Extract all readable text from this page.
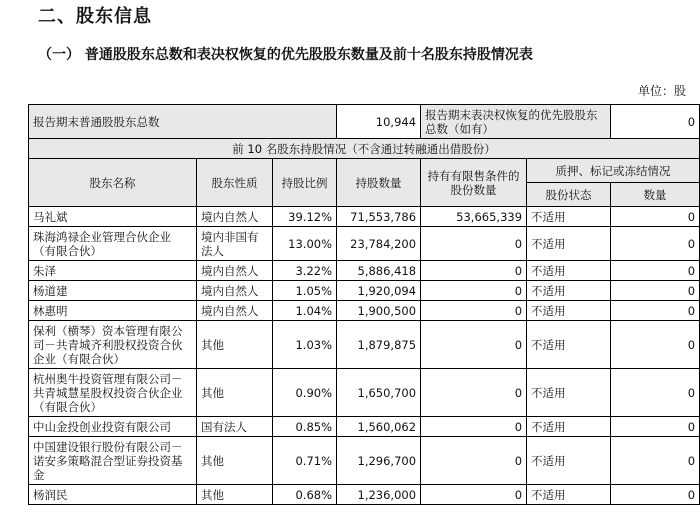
二、股东信息
（一） 普通股股东总数和表决权恢复的优先股股东数量及前十名股东持股情况表
单位：股
报告期末普通股股东总数			10,944	报告期末表决权恢复的优先股股东总数（如有）		0
前 10 名股东持股情况（不含通过转融通出借股份）						
股东名称	股东性质	持股比例	持股数量	持有有限售条件的股份数量	质押、标记或冻结情况	
					股份状态	数量
马礼斌	境内自然人	39.12%	71,553,786	53,665,339	不适用	0
珠海鸿禄企业管理合伙企业（有限合伙）	境内非国有法人	13.00%	23,784,200	0	不适用	0
朱泽	境内自然人	3.22%	5,886,418	0	不适用	0
杨道建	境内自然人	1.05%	1,920,094	0	不适用	0
林惠明	境内自然人	1.04%	1,900,500	0	不适用	0
保利（横琴）资本管理有限公司－共青城齐利股权投资合伙企业（有限合伙）	其他	1.03%	1,879,875	0	不适用	0
杭州奥牛投资管理有限公司－共青城慧星股权投资合伙企业（有限合伙）	其他	0.90%	1,650,700	0	不适用	0
中山金投创业投资有限公司	国有法人	0.85%	1,560,062	0	不适用	0
中国建设银行股份有限公司－诺安多策略混合型证券投资基金	其他	0.71%	1,296,700	0	不适用	0
杨润民	其他	0.68%	1,236,000	0	不适用	0
